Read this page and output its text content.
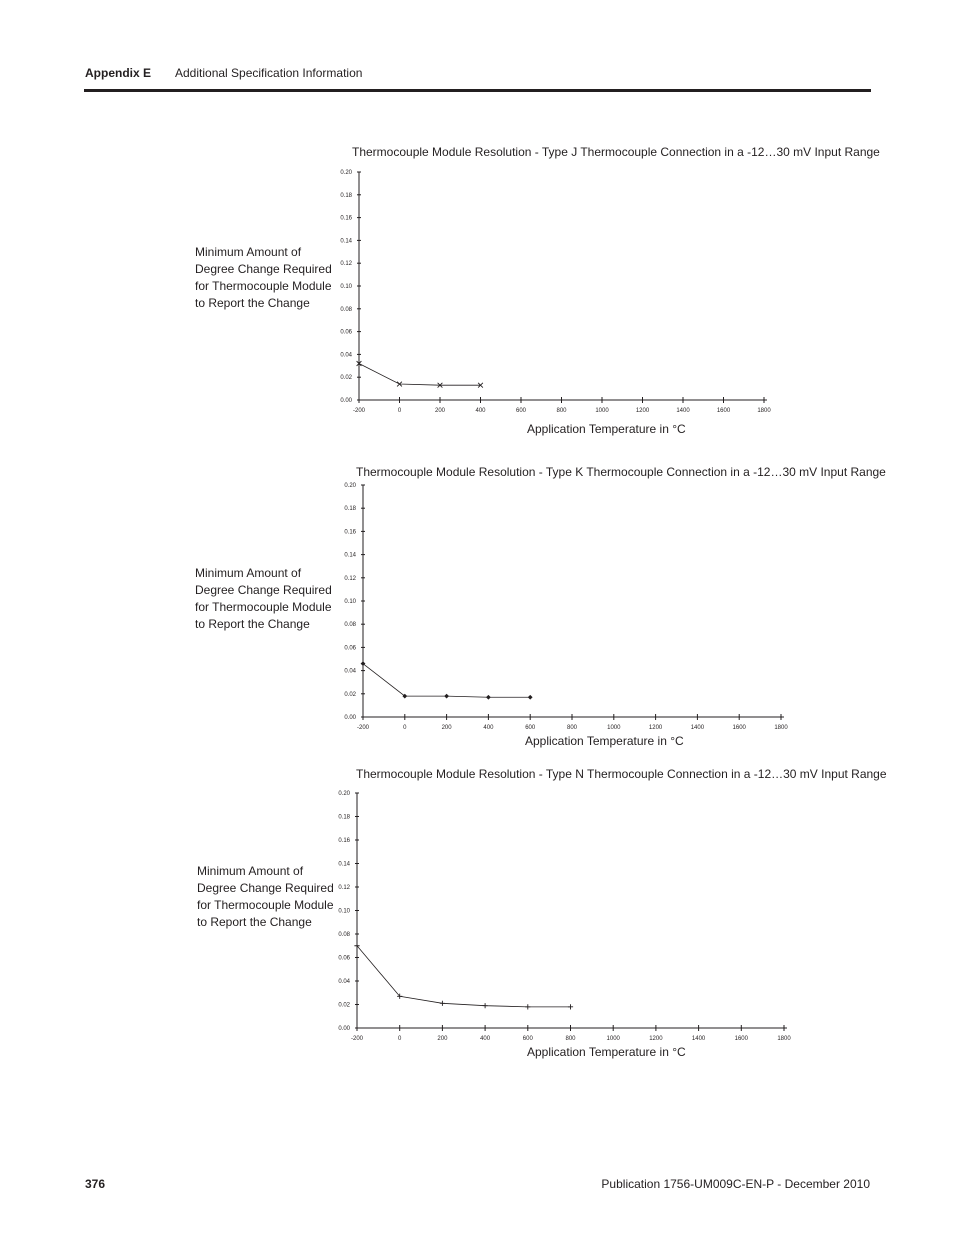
Appendix E Additional Specification Information
Thermocouple Module Resolution - Type J Thermocouple Connection in a -12…30 mV Input Range
Minimum Amount of Degree Change Required for Thermocouple Module to Report the Change
0.00
0.02
0.04
0.06
0.08
0.10
0.12
0.14
0.16
0.18
0.20
-200	0	200	400	600	800	1000	1200	1400	1600	1800
Application Temperature in °C
Thermocouple Module Resolution - Type K Thermocouple Connection in a -12…30 mV Input Range
Minimum Amount of Degree Change Required for Thermocouple Module to Report the Change
0.00
0.02
0.04
0.06
0.08
0.10
0.12
0.14
0.16
0.18
0.20
-200	0	200	400	600	800	1000	1200	1400	1600	1800
Application Temperature in °C
Thermocouple Module Resolution - Type N Thermocouple Connection in a -12…30 mV Input Range
Minimum Amount of Degree Change Required for Thermocouple Module to Report the Change
0.00
0.02
0.04
0.06
0.08
0.10
0.12
0.14
0.16
0.18
0.20
-200	0	200	400	600	800	1000	1200	1400	1600	1800
Application Temperature in °C
376	Publication 1756-UM009C-EN-P - December 2010
